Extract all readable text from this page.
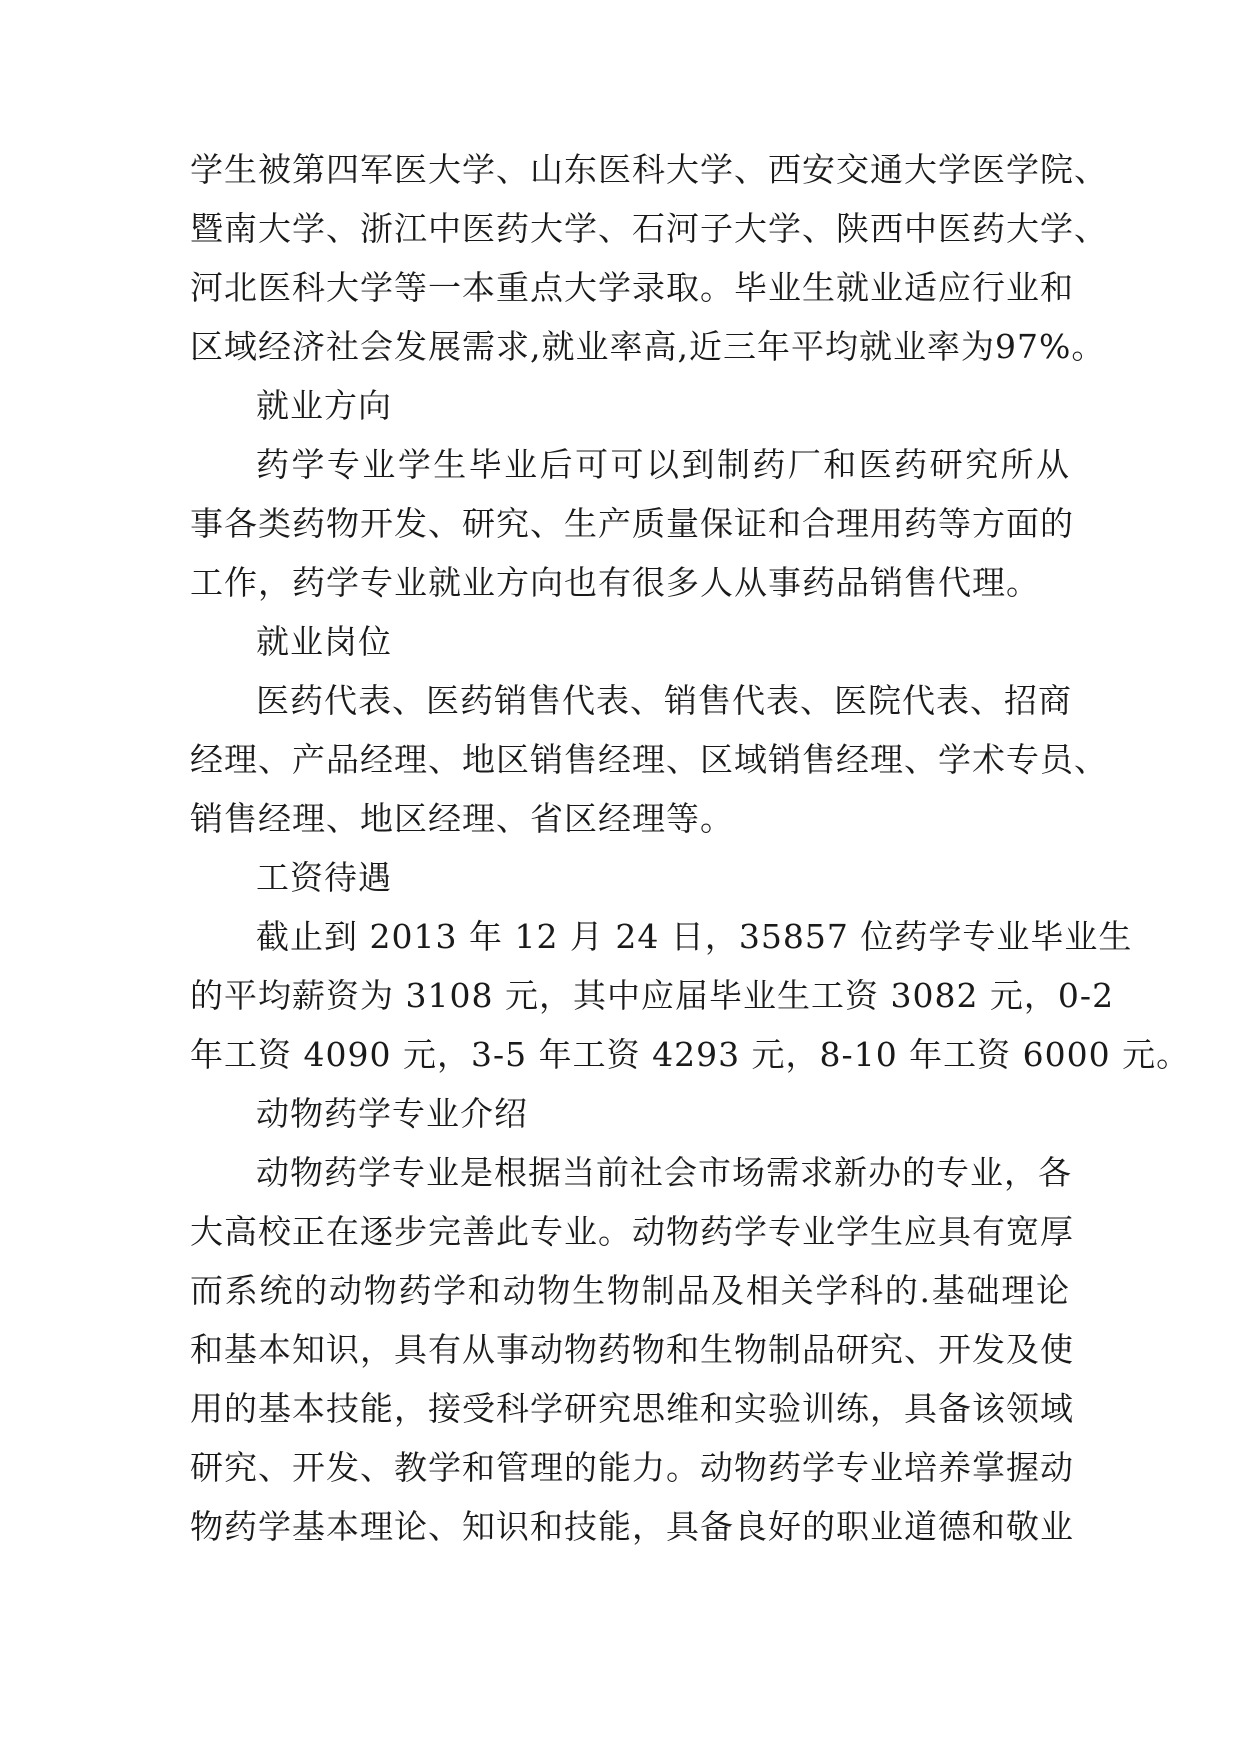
学生被第四军医大学、山东医科大学、西安交通大学医学院、
暨南大学、浙江中医药大学、石河子大学、陕西中医药大学、
河北医科大学等一本重点大学录取。毕业生就业适应行业和
区域经济社会发展需求,就业率高,近三年平均就业率为97%。
就业方向
药学专业学生毕业后可可以到制药厂和医药研究所从
事各类药物开发、研究、生产质量保证和合理用药等方面的
工作，药学专业就业方向也有很多人从事药品销售代理。
就业岗位
医药代表、医药销售代表、销售代表、医院代表、招商
经理、产品经理、地区销售经理、区域销售经理、学术专员、
销售经理、地区经理、省区经理等。
工资待遇
截止到 2013 年 12 月 24 日，35857 位药学专业毕业生
的平均薪资为 3108 元，其中应届毕业生工资 3082 元，0-2
年工资 4090 元，3-5 年工资 4293 元，8-10 年工资 6000 元。
动物药学专业介绍
动物药学专业是根据当前社会市场需求新办的专业，各
大高校正在逐步完善此专业。动物药学专业学生应具有宽厚
而系统的动物药学和动物生物制品及相关学科的.基础理论
和基本知识，具有从事动物药物和生物制品研究、开发及使
用的基本技能，接受科学研究思维和实验训练，具备该领域
研究、开发、教学和管理的能力。动物药学专业培养掌握动
物药学基本理论、知识和技能，具备良好的职业道德和敬业
